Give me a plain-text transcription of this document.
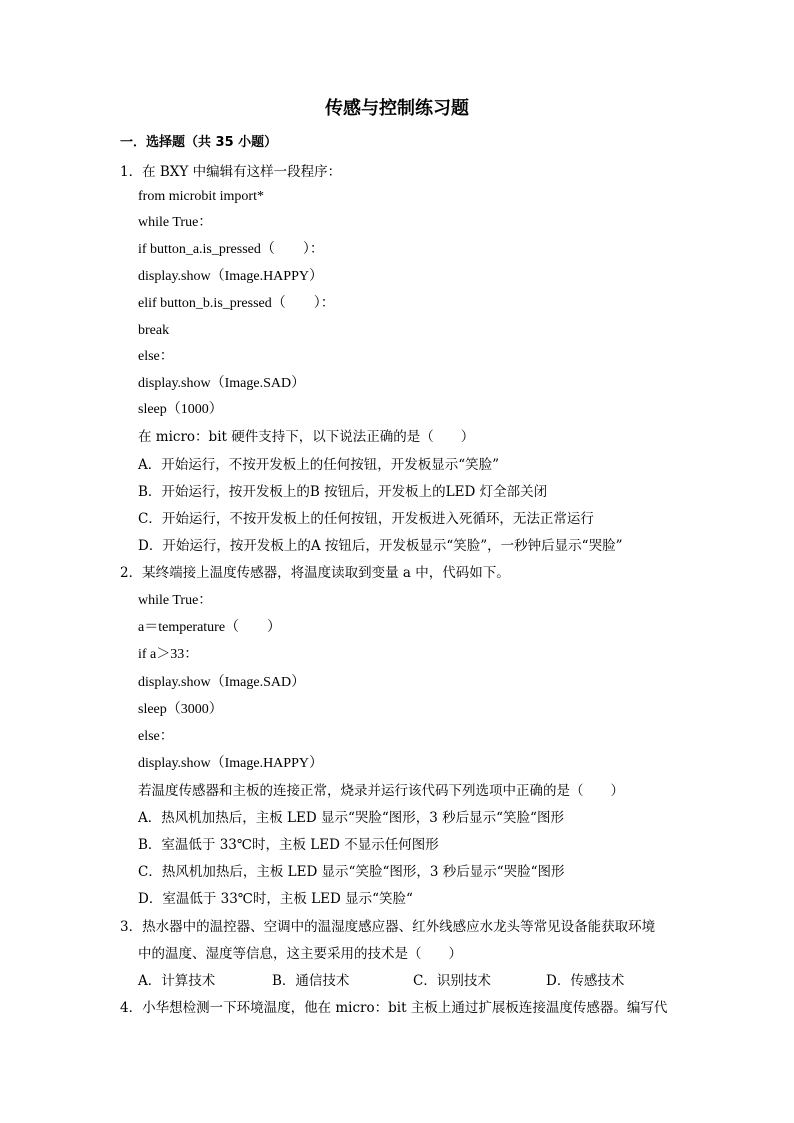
传感与控制练习题
一．选择题（共 35 小题）
1．在 BXY 中编辑有这样一段程序：
from microbit import*
while True：
if button_a.is_pressed（　　）：
display.show（Image.HAPPY）
elif button_b.is_pressed（　　）：
break
else：
display.show（Image.SAD）
sleep（1000）
在 micro：bit 硬件支持下，以下说法正确的是（　　）
A．开始运行，不按开发板上的任何按钮，开发板显示“笑脸”
B．开始运行，按开发板上的B 按钮后，开发板上的LED 灯全部关闭
C．开始运行，不按开发板上的任何按钮，开发板进入死循环，无法正常运行
D．开始运行，按开发板上的A 按钮后，开发板显示“笑脸”，一秒钟后显示“哭脸”
2．某终端接上温度传感器，将温度读取到变量 a 中，代码如下。
while True：
a＝temperature（　　）
if a＞33：
display.show（Image.SAD）
sleep（3000）
else：
display.show（Image.HAPPY）
若温度传感器和主板的连接正常，烧录并运行该代码下列选项中正确的是（　　）
A．热风机加热后，主板 LED 显示“哭脸“图形，3 秒后显示“笑脸“图形
B．室温低于 33℃时，主板 LED 不显示任何图形
C．热风机加热后，主板 LED 显示“笑脸“图形，3 秒后显示“哭脸“图形
D．室温低于 33℃时，主板 LED 显示“笑脸“
3．热水器中的温控器、空调中的温湿度感应器、红外线感应水龙头等常见设备能获取环境
中的温度、湿度等信息，这主要采用的技术是（　　）
A．计算技术	B．通信技术	C．识别技术	D．传感技术
4．小华想检测一下环境温度，他在 micro：bit 主板上通过扩展板连接温度传感器。编写代
